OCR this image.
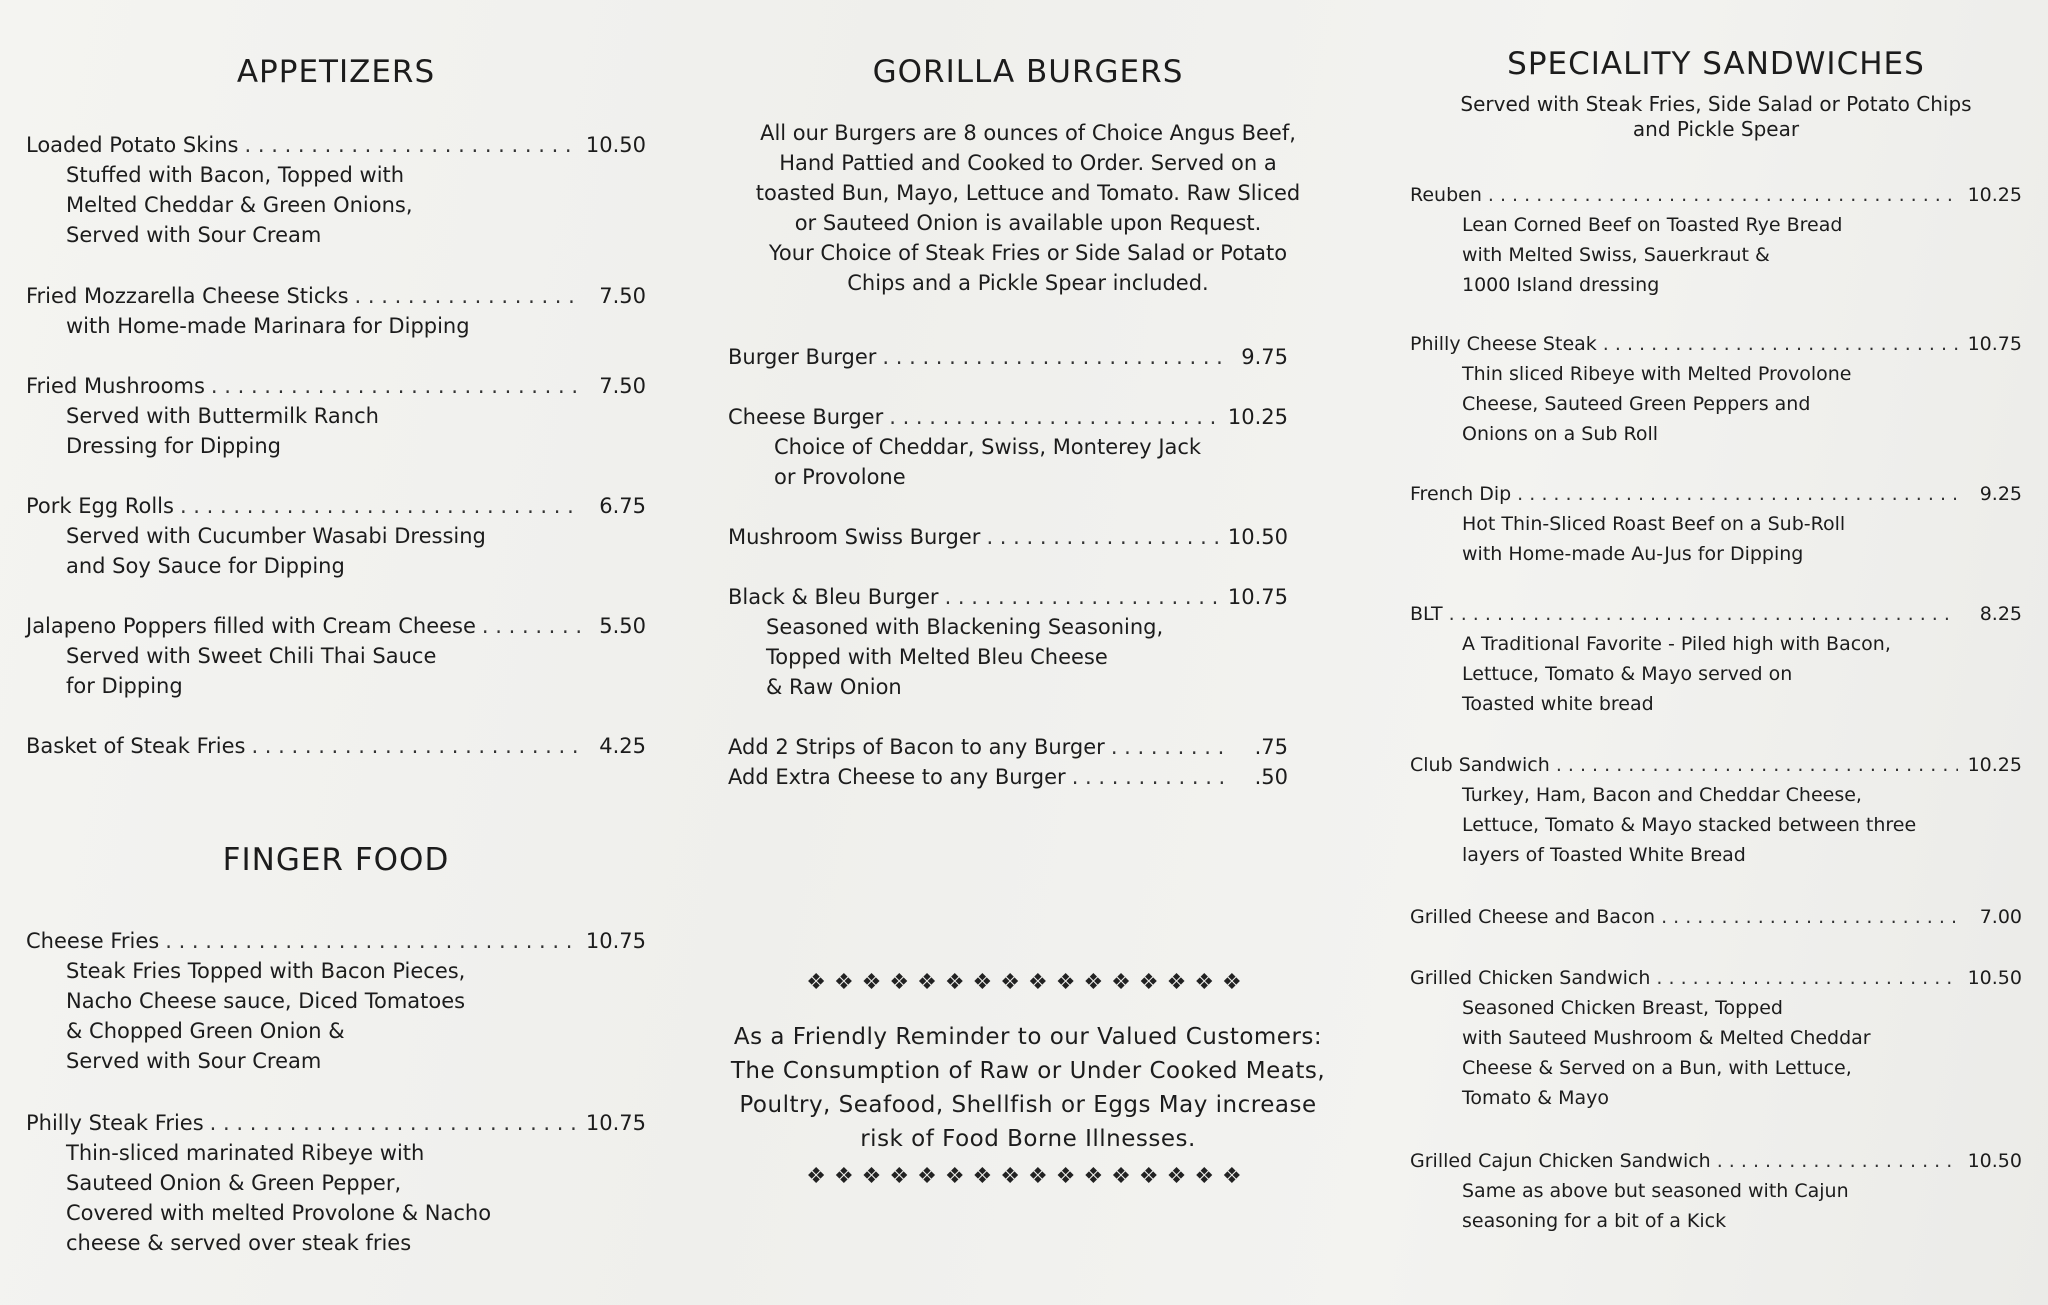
APPETIZERS
Loaded Potato Skins . . .	10.50
Stuffed with Bacon, Topped with
Melted Cheddar & Green Onions,
Served with Sour Cream
Fried Mozzarella Cheese Sticks . . .	7.50
with Home-made Marinara for Dipping
Fried Mushrooms . . .	7.50
Served with Buttermilk Ranch
Dressing for Dipping
Pork Egg Rolls . . .	6.75
Served with Cucumber Wasabi Dressing
and Soy Sauce for Dipping
Jalapeno Poppers filled with Cream Cheese . . .	5.50
Served with Sweet Chili Thai Sauce
for Dipping
Basket of Steak Fries . . .	4.25
FINGER FOOD
Cheese Fries . . .	10.75
Steak Fries Topped with Bacon Pieces,
Nacho Cheese sauce, Diced Tomatoes
& Chopped Green Onion &
Served with Sour Cream
Philly Steak Fries . . .	10.75
Thin-sliced marinated Ribeye with
Sauteed Onion & Green Pepper,
Covered with melted Provolone & Nacho
cheese & served over steak fries
GORILLA BURGERS
All our Burgers are 8 ounces of Choice Angus Beef,
Hand Pattied and Cooked to Order. Served on a
toasted Bun, Mayo, Lettuce and Tomato. Raw Sliced
or Sauteed Onion is available upon Request.
Your Choice of Steak Fries or Side Salad or Potato
Chips and a Pickle Spear included.
Burger Burger . . .	9.75
Cheese Burger . . .	10.25
Choice of Cheddar, Swiss, Monterey Jack
or Provolone
Mushroom Swiss Burger . . .	10.50
Black & Bleu Burger . . .	10.75
Seasoned with Blackening Seasoning,
Topped with Melted Bleu Cheese
& Raw Onion
Add 2 Strips of Bacon to any Burger . . .	.75
Add Extra Cheese to any Burger . . .	.50
❖❖❖❖❖❖❖❖❖❖❖❖❖❖❖❖
As a Friendly Reminder to our Valued Customers:
The Consumption of Raw or Under Cooked Meats,
Poultry, Seafood, Shellfish or Eggs May increase
risk of Food Borne Illnesses.
❖❖❖❖❖❖❖❖❖❖❖❖❖❖❖❖
SPECIALITY SANDWICHES
Served with Steak Fries, Side Salad or Potato Chips
and Pickle Spear
Reuben . . .	10.25
Lean Corned Beef on Toasted Rye Bread
with Melted Swiss, Sauerkraut &
1000 Island dressing
Philly Cheese Steak . . .	10.75
Thin sliced Ribeye with Melted Provolone
Cheese, Sauteed Green Peppers and
Onions on a Sub Roll
French Dip . . .	9.25
Hot Thin-Sliced Roast Beef on a Sub-Roll
with Home-made Au-Jus for Dipping
BLT . . .	8.25
A Traditional Favorite - Piled high with Bacon,
Lettuce, Tomato & Mayo served on
Toasted white bread
Club Sandwich . . .	10.25
Turkey, Ham, Bacon and Cheddar Cheese,
Lettuce, Tomato & Mayo stacked between three
layers of Toasted White Bread
Grilled Cheese and Bacon . . .	7.00
Grilled Chicken Sandwich . . .	10.50
Seasoned Chicken Breast, Topped
with Sauteed Mushroom & Melted Cheddar
Cheese & Served on a Bun, with Lettuce,
Tomato & Mayo
Grilled Cajun Chicken Sandwich . . .	10.50
Same as above but seasoned with Cajun
seasoning for a bit of a Kick
